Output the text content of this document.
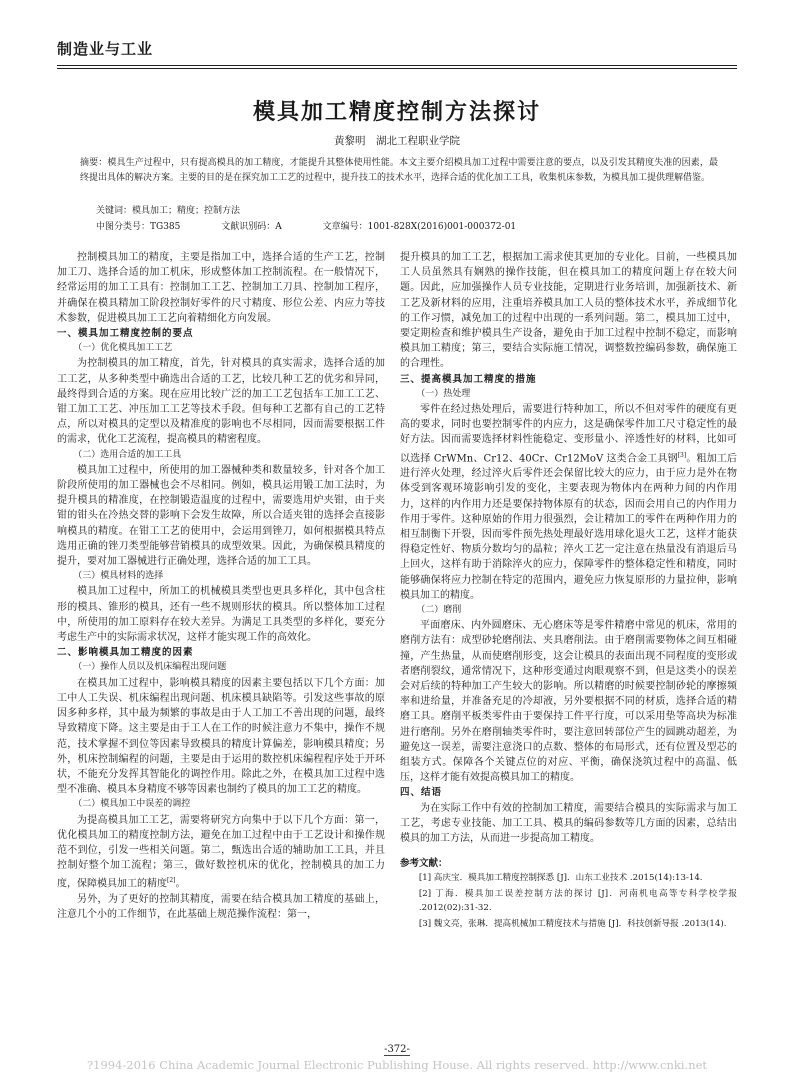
制造业与工业
模具加工精度控制方法探讨
黄黎明　湖北工程职业学院
摘要：模具生产过程中，只有提高模具的加工精度，才能提升其整体使用性能。本文主要介绍模具加工过程中需要注意的要点，以及引发其精度失准的因素，最终提出具体的解决方案。主要的目的是在探究加工工艺的过程中，提升技工的技术水平，选择合适的优化加工工具，收集机床参数，为模具加工提供理解借鉴。
关键词：模具加工；精度；控制方法
中图分类号：TG385	文献识别码：A	文章编号：1001-828X(2016)001-000372-01

控制模具加工的精度，主要是指加工中，选择合适的生产工艺，控制加工刀、选择合适的加工机床，形成整体加工控制流程。在一般情况下，经常运用的加工工具有：控制加工工艺、控制加工刀具、控制加工程序，并确保在模具精加工阶段控制好零件的尺寸精度、形位公差、内应力等技术参数，促进模具加工工艺向着精细化方向发展。

一、模具加工精度控制的要点

（一）优化模具加工工艺

为控制模具的加工精度，首先，针对模具的真实需求，选择合适的加工工艺，从多种类型中确选出合适的工艺，比较几种工艺的优劣和异同，最终得到合适的方案。现在应用比较广泛的加工工艺包括车工加工工艺、钳工加工工艺、冲压加工工艺等技术手段。但每种工艺都有自己的工艺特点，所以对模具的定型以及精准度的影响也不尽相同，因而需要根据工件的需求，优化工艺流程，提高模具的精密程度。

（二）选用合适的加工工具

模具加工过程中，所使用的加工器械种类和数量较多，针对各个加工阶段所使用的加工器械也会不尽相同。例如，模具运用锻工加工法时，为提升模具的精准度，在控制锻造温度的过程中，需要选用炉夹钳，由于夹钳的钳头在冷热交替的影响下会发生故障，所以合适夹钳的选择会直接影响模具的精度。在钳工工艺的使用中，会运用到锉刀，如何根据模具特点选用正确的锉刀类型能够营销模具的成型效果。因此，为确保模具精度的提升，要对加工器械进行正确处理，选择合适的加工工具。

（三）模具材料的选择

模具加工过程中，所加工的机械模具类型也更具多样化，其中包含柱形的模具、锥形的模具，还有一些不规则形状的模具。所以整体加工过程中，所使用的加工原料存在较大差异。为满足工具类型的多样化，要充分考虑生产中的实际需求状况，这样才能实现工作的高效化。

二、影响模具加工精度的因素

（一）操作人员以及机床编程出现问题

在模具加工过程中，影响模具精度的因素主要包括以下几个方面：加工中人工失误、机床编程出现问题、机床模具缺陷等。引发这些事故的原因多种多样，其中最为频繁的事故是由于人工加工不善出现的问题，最终导致精度下降。这主要是由于工人在工作的时候注意力不集中，操作不规范，技术掌握不到位等因素导致模具的精度计算偏差，影响模具精度；另外，机床控制编程的问题，主要是由于运用的数控机床编程程序处于开环状，不能充分发挥其智能化的调控作用。除此之外，在模具加工过程中选型不准确、模具本身精度不够等因素也制约了模具的加工工艺的精度。

（二）模具加工中误差的调控

为提高模具加工工艺，需要将研究方向集中于以下几个方面：第一，优化模具加工的精度控制方法，避免在加工过程中由于工艺设计和操作规范不到位，引发一些相关问题。第二，甄选出合适的辅助加工工具，并且控制好整个加工流程；第三，做好数控机床的优化，控制模具的加工力度，保障模具加工的精度[2]。

另外，为了更好的控制其精度，需要在结合模具加工精度的基础上，注意几个小的工作细节，在此基础上规范操作流程：第一，

提升模具的加工工艺，根据加工需求使其更加的专业化。目前，一些模具加工人员虽然具有娴熟的操作技能，但在模具加工的精度问题上存在较大问题。因此，应加强操作人员专业技能，定期进行业务培训，加强新技术、新工艺及新材料的应用，注重培养模具加工人员的整体技术水平，养成细节化的工作习惯，减免加工的过程中出现的一系列问题。第二，模具加工过中，要定期检查和维护模具生产设备，避免由于加工过程中控制不稳定，而影响模具加工精度；第三，要结合实际施工情况，调整数控编码参数，确保施工的合理性。

三、提高模具加工精度的措施

（一）热处理

零件在经过热处理后，需要进行特种加工，所以不但对零件的硬度有更高的要求，同时也要控制零件的内应力，这是确保零件加工尺寸稳定性的最好方法。因而需要选择材料性能稳定、变形量小、淬透性好的材料，比如可以选择 CrWMn、Cr12、40Cr、Cr12MoV 这类合金工具钢[3]。粗加工后进行淬火处理，经过淬火后零件还会保留比较大的应力，由于应力是外在物体受到客观环境影响引发的变化，主要表现为物体内在两种力间的内作用力，这样的内作用力还是要保持物体原有的状态，因而会用自己的内作用力作用于零件。这种原始的作用力很强烈，会让精加工的零件在两种作用力的相互制衡下开裂，因而零件预先热处理最好选用球化退火工艺，这样才能获得稳定性好、物质分数均匀的晶粒；淬火工艺一定注意在热量没有消退后马上回火，这样有助于消除淬火的应力，保障零件的整体稳定性和精度，同时能够确保将应力控制在特定的范围内，避免应力恢复原形的力量拉伸，影响模具加工的精度。

（二）磨削

平面磨床、内外圆磨床、无心磨床等是零件精磨中常见的机床，常用的磨削方法有：成型砂轮磨削法、夹具磨削法。由于磨削需要物体之间互相碰撞，产生热量，从而使磨削形变，这会让模具的表面出现不同程度的变形或者磨削裂纹，通常情况下，这种形变通过肉眼观察不到，但是这类小的误差会对后续的特种加工产生较大的影响。所以精磨的时候要控制砂轮的摩擦频率和进给量，并准备充足的冷却液，另外要根据不同的材质，选择合适的精磨工具。磨削平板类零件由于要保持工件平行度，可以采用垫等高块为标准进行磨削。另外在磨削轴类零件时，要注意回转部位产生的圆跳动超差，为避免这一误差，需要注意浇口的点数、整体的布局形式，还有位置及型芯的组装方式。保障各个关键点位的对应、平衡，确保浇筑过程中的高温、低压，这样才能有效提高模具加工的精度。

四、结语

为在实际工作中有效的控制加工精度，需要结合模具的实际需求与加工工艺，考虑专业技能、加工工具、模具的编码参数等几方面的因素，总结出模具的加工方法，从而进一步提高加工精度。

参考文献：

[1] 高庆宝．模具加工精度控制探悉 [J]．山东工业技术 .2015(14):13-14.

[2] 丁海．模具加工误差控制方法的探讨 [J]．河南机电高等专科学校学报 .2012(02):31-32.

[3] 魏文亮，张琳．提高机械加工精度技术与措施 [J]．科技创新导报 .2013(14).

-372-
?1994-2016 China Academic Journal Electronic Publishing House. All rights reserved. http://www.cnki.net
